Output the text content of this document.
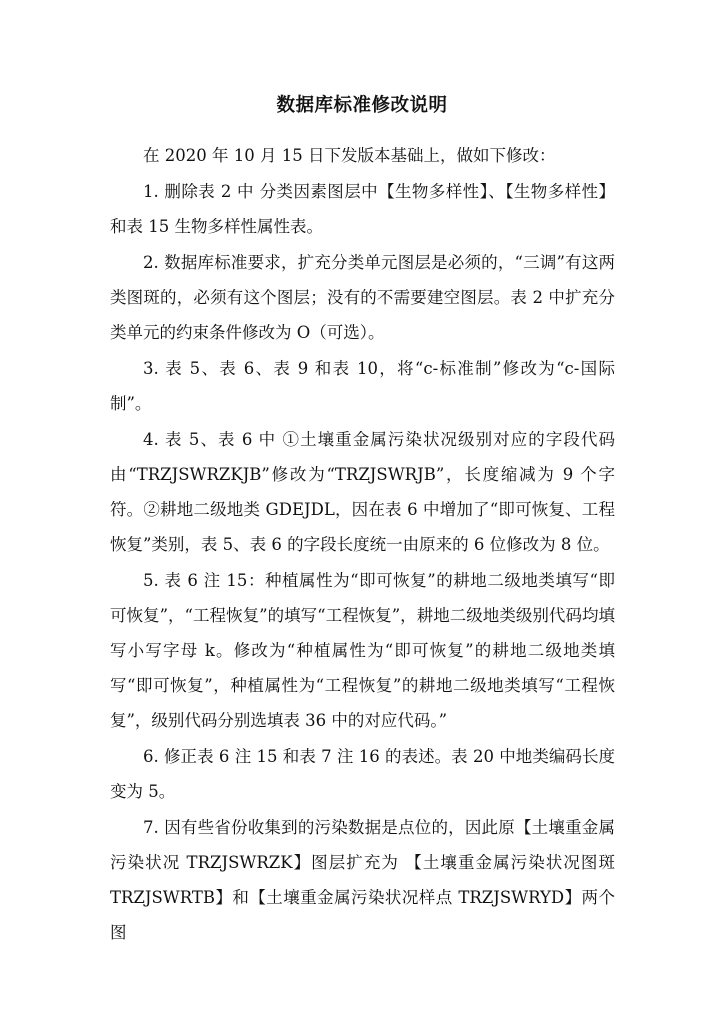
数据库标准修改说明

在 2020 年 10 月 15 日下发版本基础上，做如下修改：

1. 删除表 2 中 分类因素图层中【生物多样性】、【生物多样性】和表 15 生物多样性属性表。

2. 数据库标准要求，扩充分类单元图层是必须的，“三调”有这两类图斑的，必须有这个图层；没有的不需要建空图层。表 2 中扩充分类单元的约束条件修改为 O（可选）。

3. 表 5、表 6、表 9 和表 10，将“c-标准制”修改为“c-国际制”。

4. 表 5、表 6 中 ①土壤重金属污染状况级别对应的字段代码由“TRZJSWRZKJB”修改为“TRZJSWRJB”，长度缩减为 9 个字符。②耕地二级地类 GDEJDL，因在表 6 中增加了“即可恢复、工程恢复”类别，表 5、表 6 的字段长度统一由原来的 6 位修改为 8 位。

5. 表 6 注 15：种植属性为“即可恢复”的耕地二级地类填写“即可恢复”，“工程恢复”的填写“工程恢复”，耕地二级地类级别代码均填写小写字母 k。修改为“种植属性为“即可恢复”的耕地二级地类填写“即可恢复”，种植属性为“工程恢复”的耕地二级地类填写“工程恢复”，级别代码分别选填表 36 中的对应代码。”

6. 修正表 6 注 15 和表 7 注 16 的表述。表 20 中地类编码长度变为 5。

7. 因有些省份收集到的污染数据是点位的，因此原【土壤重金属污染状况 TRZJSWRZK】图层扩充为 【土壤重金属污染状况图斑TRZJSWRTB】和【土壤重金属污染状况样点 TRZJSWRYD】两个图
